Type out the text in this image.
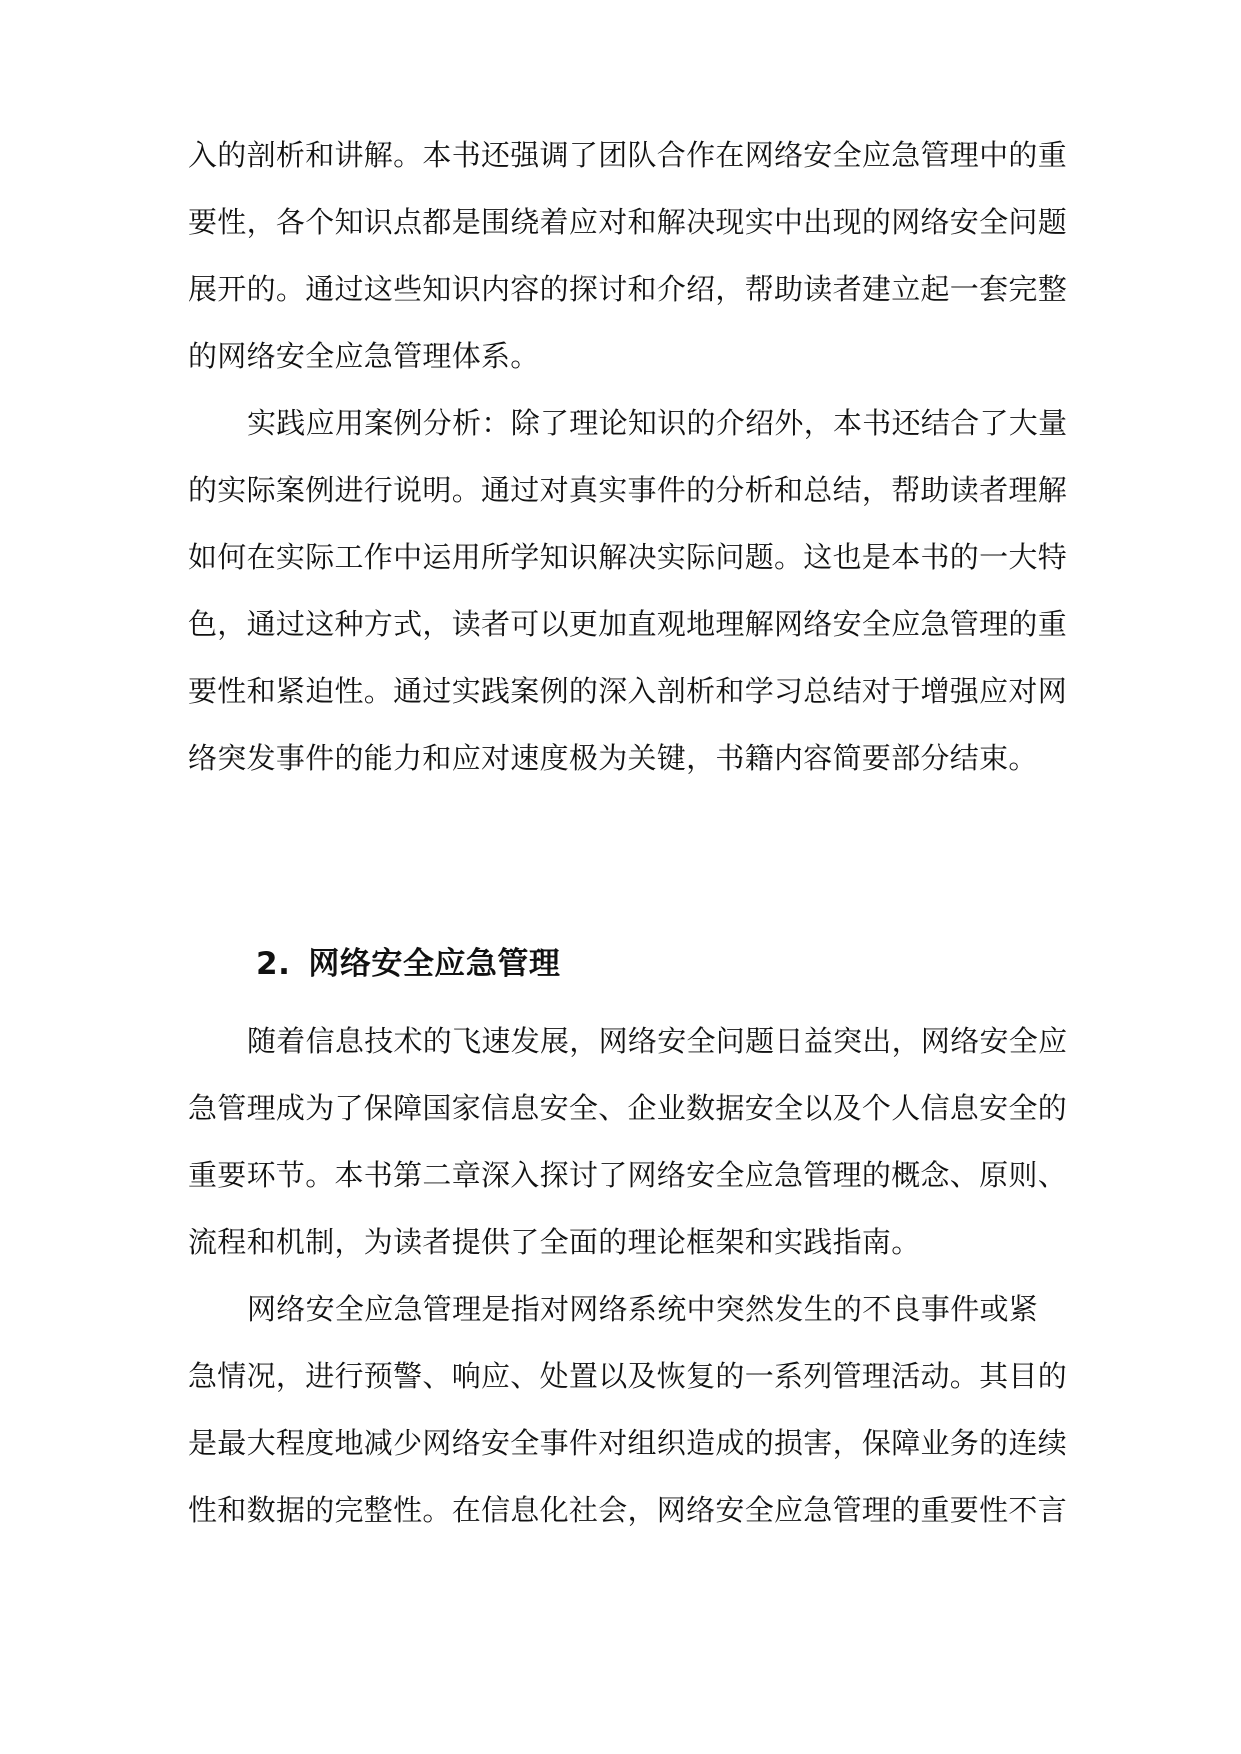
入的剖析和讲解。本书还强调了团队合作在网络安全应急管理中的重
要性，各个知识点都是围绕着应对和解决现实中出现的网络安全问题
展开的。通过这些知识内容的探讨和介绍，帮助读者建立起一套完整
的网络安全应急管理体系。
实践应用案例分析：除了理论知识的介绍外，本书还结合了大量
的实际案例进行说明。通过对真实事件的分析和总结，帮助读者理解
如何在实际工作中运用所学知识解决实际问题。这也是本书的一大特
色，通过这种方式，读者可以更加直观地理解网络安全应急管理的重
要性和紧迫性。通过实践案例的深入剖析和学习总结对于增强应对网
络突发事件的能力和应对速度极为关键，书籍内容简要部分结束。
2. 网络安全应急管理
随着信息技术的飞速发展，网络安全问题日益突出，网络安全应
急管理成为了保障国家信息安全、企业数据安全以及个人信息安全的
重要环节。本书第二章深入探讨了网络安全应急管理的概念、原则、
流程和机制，为读者提供了全面的理论框架和实践指南。
网络安全应急管理是指对网络系统中突然发生的不良事件或紧
急情况，进行预警、响应、处置以及恢复的一系列管理活动。其目的
是最大程度地减少网络安全事件对组织造成的损害，保障业务的连续
性和数据的完整性。在信息化社会，网络安全应急管理的重要性不言
